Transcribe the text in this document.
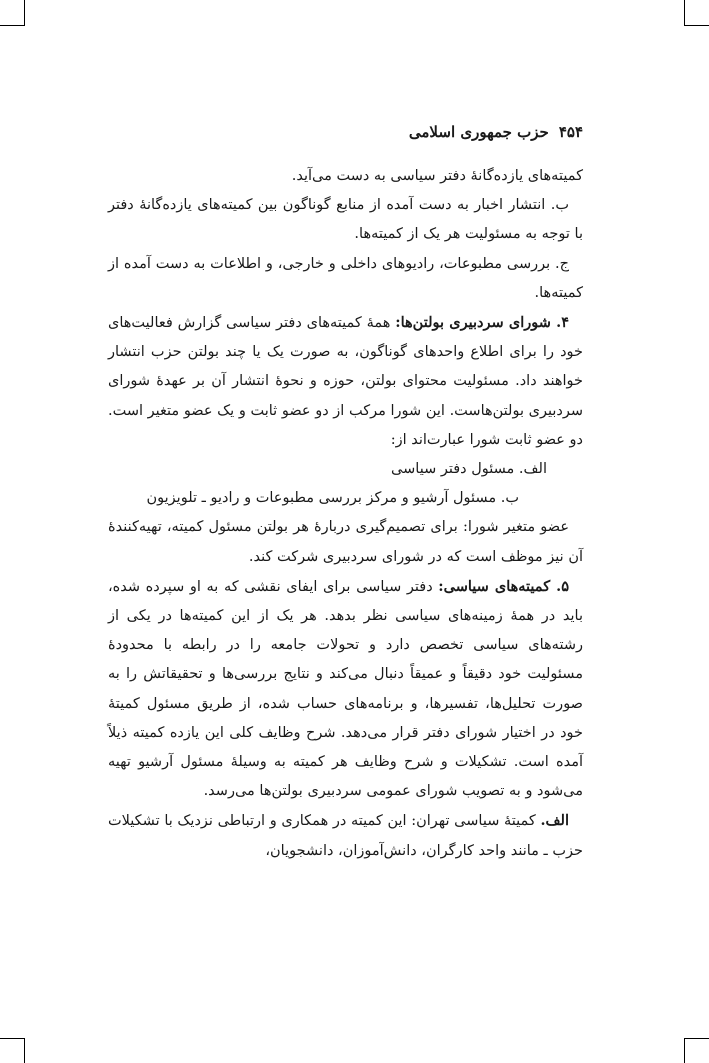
۴۵۴حزب جمهوری اسلامی

کمیته‌های یازده‌گانهٔ دفتر سیاسی به دست می‌آید.

ب. انتشار اخبار به دست آمده از منابع گوناگون بین کمیته‌های یازده‌گانهٔ دفتر با توجه به مسئولیت هر یک از کمیته‌ها.

ج. بررسی مطبوعات، رادیوهای داخلی و خارجی، و اطلاعات به دست آمده از کمیته‌ها.

۴. شورای سردبیری بولتن‌ها: همهٔ کمیته‌های دفتر سیاسی گزارش فعالیت‌های خود را برای اطلاع واحدهای گوناگون، به صورت یک یا چند بولتن حزب انتشار خواهند داد. مسئولیت محتوای بولتن، حوزه و نحوهٔ انتشار آن بر عهدهٔ شورای سردبیری بولتن‌هاست. این شورا مرکب از دو عضو ثابت و یک عضو متغیر است. دو عضو ثابت شورا عبارت‌اند از:

الف. مسئول دفتر سیاسی

ب. مسئول آرشیو و مرکز بررسی مطبوعات و رادیو ـ تلویزیون

عضو متغیر شورا: برای تصمیم‌گیری دربارهٔ هر بولتن مسئول کمیته، تهیه‌کنندهٔ آن نیز موظف است که در شورای سردبیری شرکت کند.

۵. کمیته‌های سیاسی: دفتر سیاسی برای ایفای نقشی که به او سپرده شده، باید در همهٔ زمینه‌های سیاسی نظر بدهد. هر یک از این کمیته‌ها در یکی از رشته‌های سیاسی تخصص دارد و تحولات جامعه را در رابطه با محدودهٔ مسئولیت خود دقیقاً و عمیقاً دنبال می‌کند و نتایج بررسی‌ها و تحقیقاتش را به صورت تحلیل‌ها، تفسیرها، و برنامه‌های حساب شده، از طریق مسئول کمیتهٔ خود در اختیار شورای دفتر قرار می‌دهد. شرح وظایف کلی این یازده کمیته ذیلاً آمده است. تشکیلات و شرح وظایف هر کمیته به وسیلهٔ مسئول آرشیو تهیه می‌شود و به تصویب شورای عمومی سردبیری بولتن‌ها می‌رسد.

الف. کمیتهٔ سیاسی تهران: این کمیته در همکاری و ارتباطی نزدیک با تشکیلات حزب ـ مانند واحد کارگران، دانش‌آموزان، دانشجویان،
